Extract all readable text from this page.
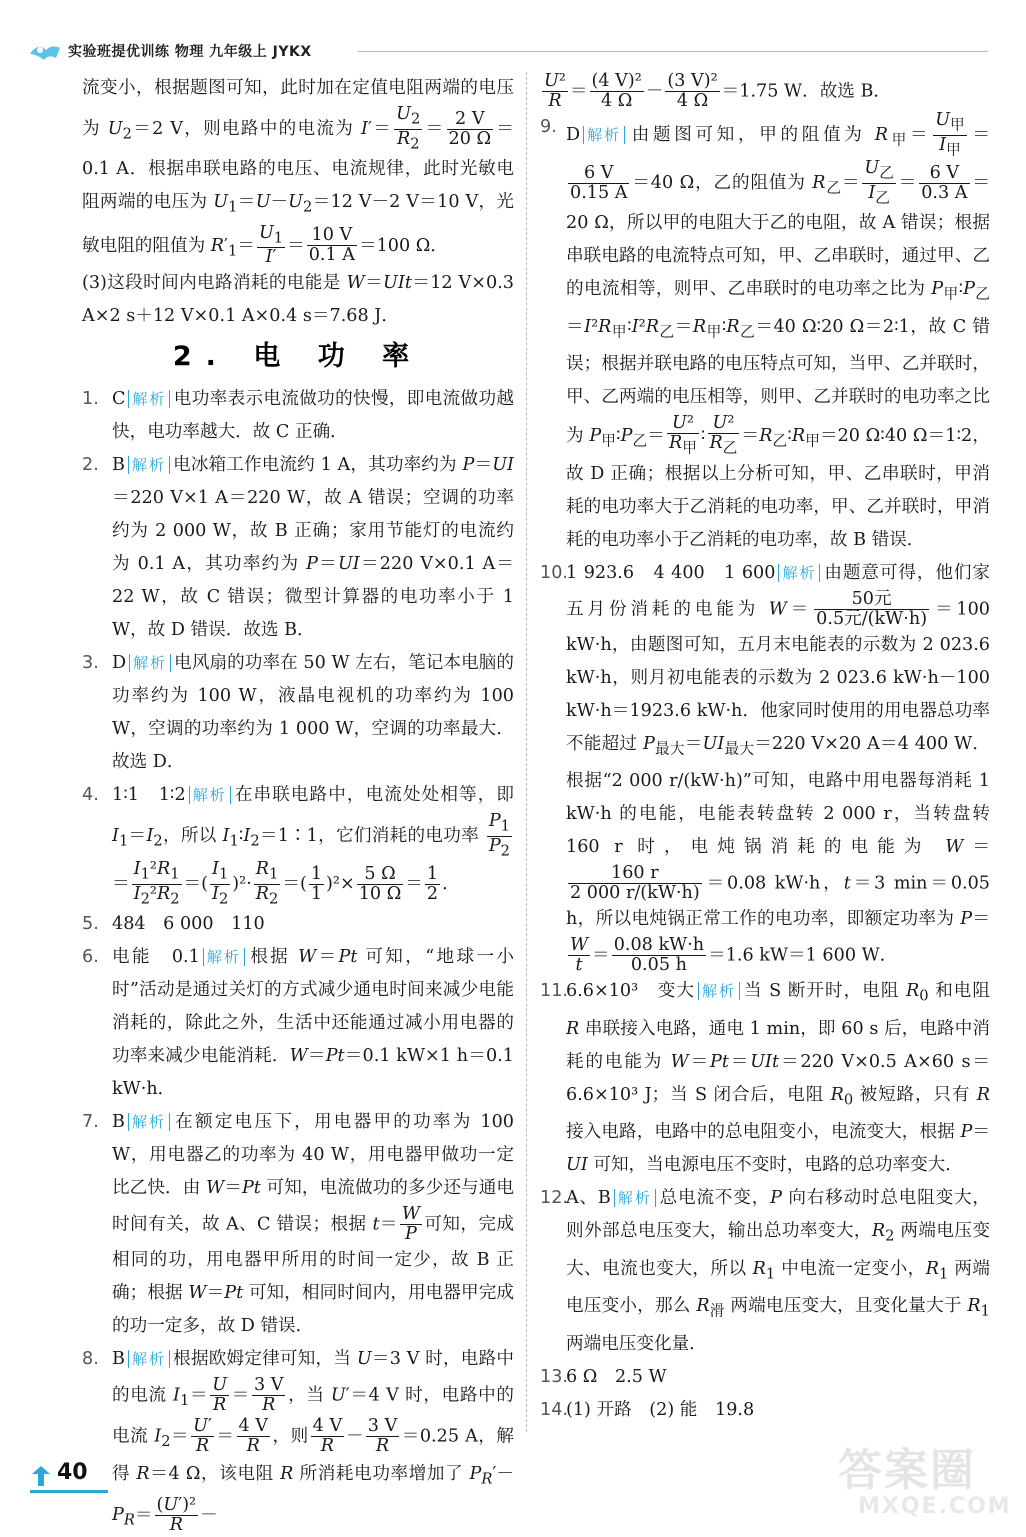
实验班提优训练 物理 九年级上 JYKX

流变小，根据题图可知，此时加在定值电阻两端的电压为 $U_2=2$ V，则电路中的电流为 $I'= \frac{U_2}{R_2} = \frac{2 V}{20 \Omega} =0.1$ A．根据串联电路的电压、电流规律，此时光敏电阻两端的电压为 $U_1=U-U_2=12$ V－2 V＝10 V，光敏电阻的阻值为 $R'_1= \frac{U_1}{I'} = \frac{10 V}{0.1 A} =100$ Ω．

(3)这段时间内电路消耗的电能是 W＝UIt＝12 V×0.3 A×2 s＋12 V×0.1 A×0.4 s＝7.68 J．

2. 电 功 率

1. C 解析 电功率表示电流做功的快慢，即电流做功越快，电功率越大．故 C 正确．

2. B 解析 电冰箱工作电流约 1 A，其功率约为 P＝UI＝220 V×1 A＝220 W，故 A 错误；空调的功率约为 2 000 W，故 B 正确；家用节能灯的电流约为 0.1 A，其功率约为 P＝UI＝220 V×0.1 A＝22 W，故 C 错误；微型计算器的电功率小于 1 W，故 D 错误．故选 B．

3. D 解析 电风扇的功率在 50 W 左右，笔记本电脑的功率约为 100 W，液晶电视机的功率约为 100 W，空调的功率约为 1 000 W，空调的功率最大．故选 D．

4. 1∶1　1∶2 解析 在串联电路中，电流处处相等，即 $I_1=I_2$，所以 $I_1∶I_2=1∶1$，它们消耗的电功率 $\frac{P_1}{P_2}$
＝ $\frac{I_1^2R_1}{I_2^2R_2}$ ＝( $\frac{I_1}{I_2} )^2\cdot \frac{R_1}{R_2}$ ＝( $\frac{1}{1} )^2\times \frac{5 \Omega}{10 \Omega} = \frac{1}{2}$ ．

5. 484　6 000　110

6. 电能　0.1 解析 根据 W＝Pt 可知，“地球一小时”活动是通过关灯的方式减少通电时间来减少电能消耗的，除此之外，生活中还能通过减小用电器的功率来减少电能消耗．W＝Pt＝0.1 kW×1 h＝0.1 kW·h．

7. B 解析 在额定电压下，用电器甲的功率为 100 W，用电器乙的功率为 40 W，用电器甲做功一定比乙快．由 W＝Pt 可知，电流做功的多少还与通电时间有关，故 A、C 错误；根据 $t= \frac{W}{P}$ 可知，完成相同的功，用电器甲所用的时间一定少，故 B 正确；根据 W＝Pt 可知，相同时间内，用电器甲完成的功一定多，故 D 错误．

8. B 解析 根据欧姆定律可知，当 U＝3 V 时，电路中的电流 $I_1= \frac{U}{R} = \frac{3 V}{R}$ ，当 U′＝4 V 时，电路中的电流 $I_2= \frac{U'}{R} = \frac{4 V}{R}$ ，则 $\frac{4 V}{R} - \frac{3 V}{R} =0.25$ A，解得 R＝4 Ω，该电阻 R 所消耗电功率增加了 $P_R'-P_R= \frac{\text{(U′)²}}{R}$ －

$\frac{\text{U²}}{R} = \frac{\text{(4 V)²}}{4 \Omega} - \frac{\text{(3 V)²}}{4 \Omega} =1.75$ W．故选 B．

9. D 解析 由题图可知，甲的阻值为 $R_甲= \frac{U_甲}{I_甲}$ ＝
$\frac{6 V}{0.15 A} =40$ Ω，乙的阻值为 $R_乙= \frac{U_乙}{I_乙} = \frac{6 V}{0.3 A} =20$ Ω，所以甲的电阻大于乙的电阻，故 A 错误；根据串联电路的电流特点可知，甲、乙串联时，通过甲、乙的电流相等，则甲、乙串联时的电功率之比为 $P_甲∶P_乙=I^2R_甲∶I^2R_乙=R_甲∶R_乙=40$ Ω∶20 Ω＝2∶1，故 C 错误；根据并联电路的电压特点可知，当甲、乙并联时，甲、乙两端的电压相等，则甲、乙并联时的电功率之比为 $P_甲∶P_乙= \frac{\text{U²}}{R_甲}$ ∶ $\frac{\text{U²}}{R_乙}$ $=R_乙∶R_甲=20$ Ω∶40 Ω＝1∶2，故 D 正确；根据以上分析可知，甲、乙串联时，甲消耗的电功率大于乙消耗的电功率，甲、乙并联时，甲消耗的电功率小于乙消耗的电功率，故 B 错误．

10.
1 923.6　4 400　1 600 解析 由题意可得，他们家五月份消耗的电能为 $W= \frac{\text{50元}}{\text{0.5元/(kW·h)}} =100$ kW·h，由题图可知，五月末电能表的示数为 2 023.6 kW·h，则月初电能表的示数为 2 023.6 kW·h－100 kW·h＝1923.6 kW·h．他家同时使用的用电器总功率不能超过 $P_{最大}=UI_{最大}=220$ V×20 A＝4 400 W．根据“2 000 r/(kW·h)”可知，电路中用电器每消耗 1 kW·h 的电能，电能表转盘转 2 000 r，当转盘转 160 r 时，电炖锅消耗的电能为 W＝
$\frac{160 r}{2 000 r/(kW\cdot h)} =0.08$ kW·h，t＝3 min＝0.05 h，所以电炖锅正常工作的电功率，即额定功率为 P＝
$\frac{W}{t} = \frac{0.08 kW\cdot h}{0.05 h} =1.6$ kW＝1 600 W．

11.
6.6×10³　变大 解析 当 S 断开时，电阻 $R_0$ 和电阻 R 串联接入电路，通电 1 min，即 60 s 后，电路中消耗的电能为 W＝Pt＝UIt＝220 V×0.5 A×60 s＝6.6×10³ J；当 S 闭合后，电阻 $R_0$ 被短路，只有 R 接入电路，电路中的总电阻变小，电流变大，根据 P＝UI 可知，当电源电压不变时，电路的总功率变大．

12.
A、B 解析 总电流不变，P 向右移动时总电阻变大，则外部总电压变大，输出总功率变大，$R_2$ 两端电压变大、电流也变大，所以 $R_1$ 中电流一定变小，$R_1$ 两端电压变小，那么 $R_滑$ 两端电压变大，且变化量大于 $R_1$ 两端电压变化量．

13.
6 Ω　2.5 W

14.
(1) 开路　(2) 能　19.8

40	答案圈
MXQE.COM
